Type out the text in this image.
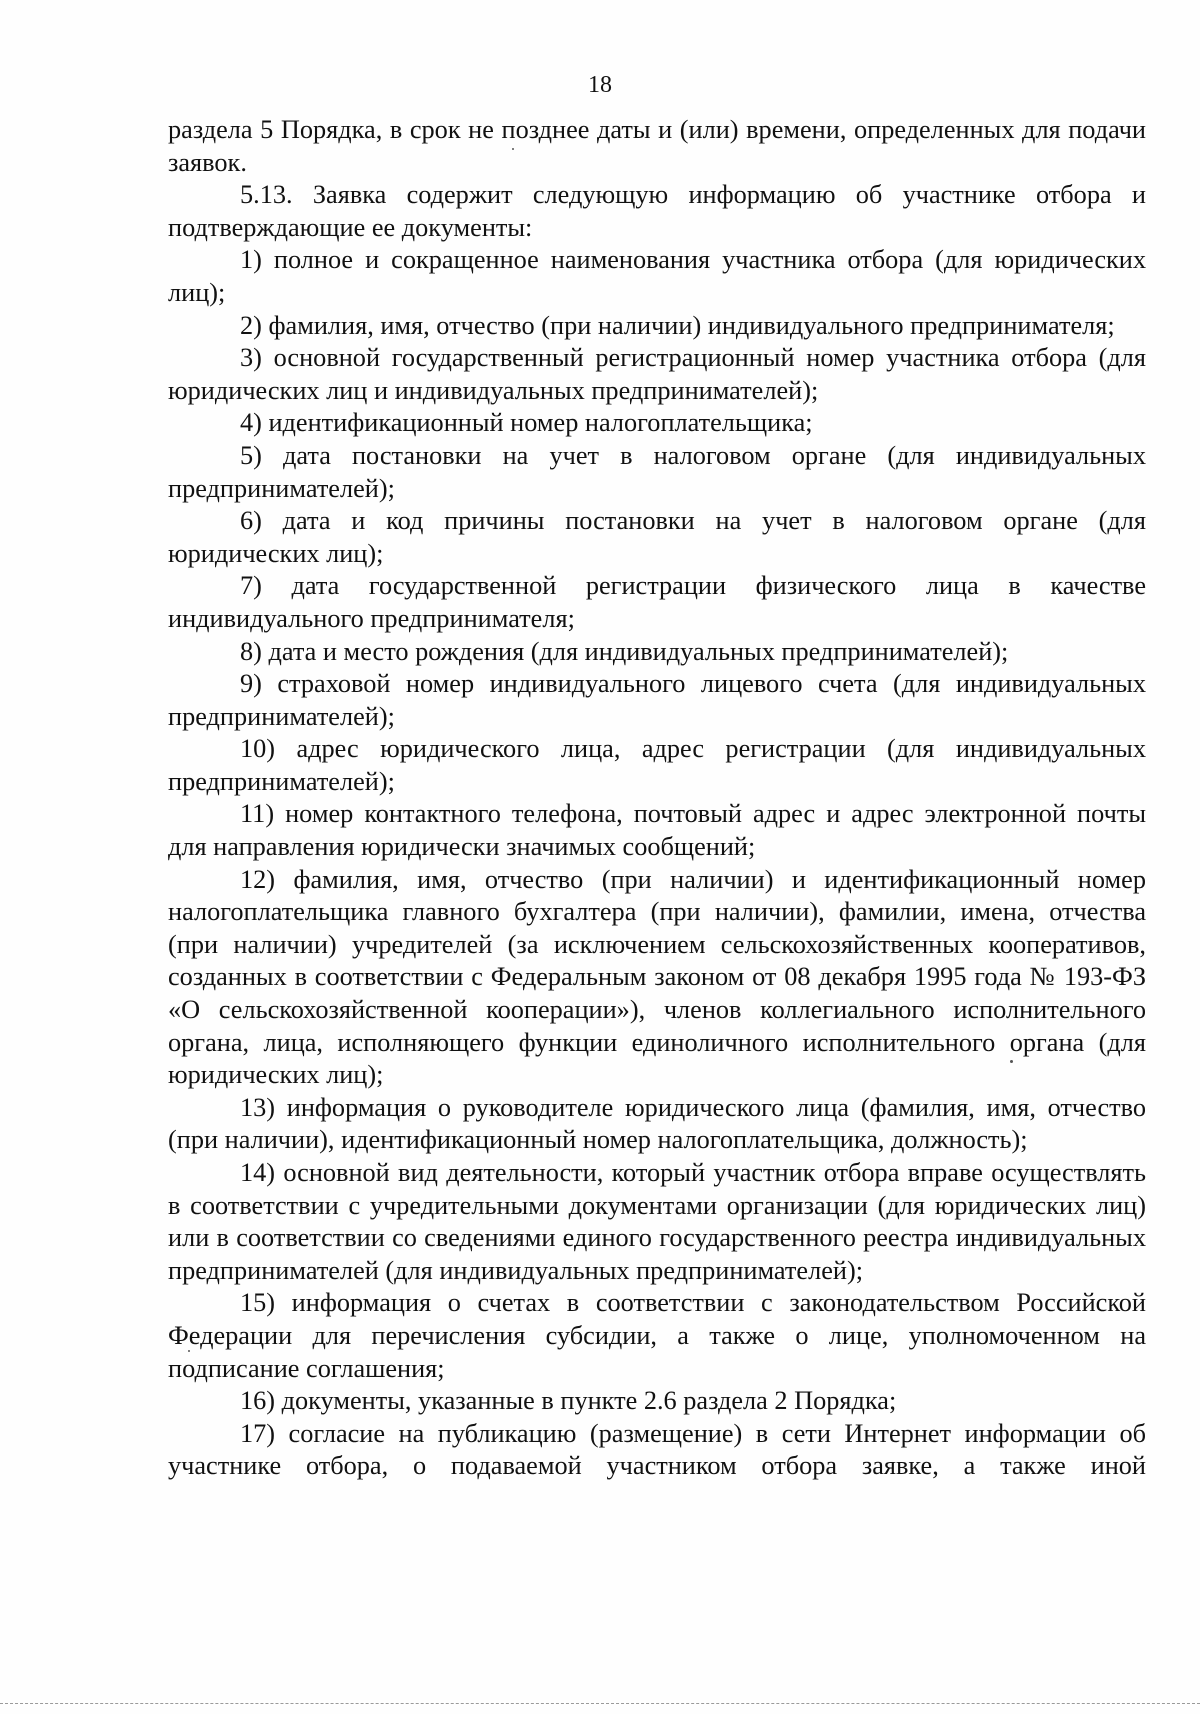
18

раздела 5 Порядка, в срок не позднее даты и (или) времени, определенных для подачи заявок.

5.13. Заявка содержит следующую информацию об участнике отбора и подтверждающие ее документы:

1) полное и сокращенное наименования участника отбора (для юридических лиц);

2) фамилия, имя, отчество (при наличии) индивидуального предпринимателя;

3) основной государственный регистрационный номер участника отбора (для юридических лиц и индивидуальных предпринимателей);

4) идентификационный номер налогоплательщика;

5) дата постановки на учет в налоговом органе (для индивидуальных предпринимателей);

6) дата и код причины постановки на учет в налоговом органе (для юридических лиц);

7) дата государственной регистрации физического лица в качестве индивидуального предпринимателя;

8) дата и место рождения (для индивидуальных предпринимателей);

9) страховой номер индивидуального лицевого счета (для индивидуальных предпринимателей);

10) адрес юридического лица, адрес регистрации (для индивидуальных предпринимателей);

11) номер контактного телефона, почтовый адрес и адрес электронной почты для направления юридически значимых сообщений;

12) фамилия, имя, отчество (при наличии) и идентификационный номер налогоплательщика главного бухгалтера (при наличии), фамилии, имена, отчества (при наличии) учредителей (за исключением сельскохозяйственных кооперативов, созданных в соответствии с Федеральным законом от 08 декабря 1995 года № 193-ФЗ «О сельскохозяйственной кооперации»), членов коллегиального исполнительного органа, лица, исполняющего функции единоличного исполнительного органа (для юридических лиц);

13) информация о руководителе юридического лица (фамилия, имя, отчество (при наличии), идентификационный номер налогоплательщика, должность);

14) основной вид деятельности, который участник отбора вправе осуществлять в соответствии с учредительными документами организации (для юридических лиц) или в соответствии со сведениями единого государственного реестра индивидуальных предпринимателей (для индивидуальных предпринимателей);

15) информация о счетах в соответствии с законодательством Российской Федерации для перечисления субсидии, а также о лице, уполномоченном на подписание соглашения;

16) документы, указанные в пункте 2.6 раздела 2 Порядка;

17) согласие на публикацию (размещение) в сети Интернет информации об участнике отбора, о подаваемой участником отбора заявке, а также иной
